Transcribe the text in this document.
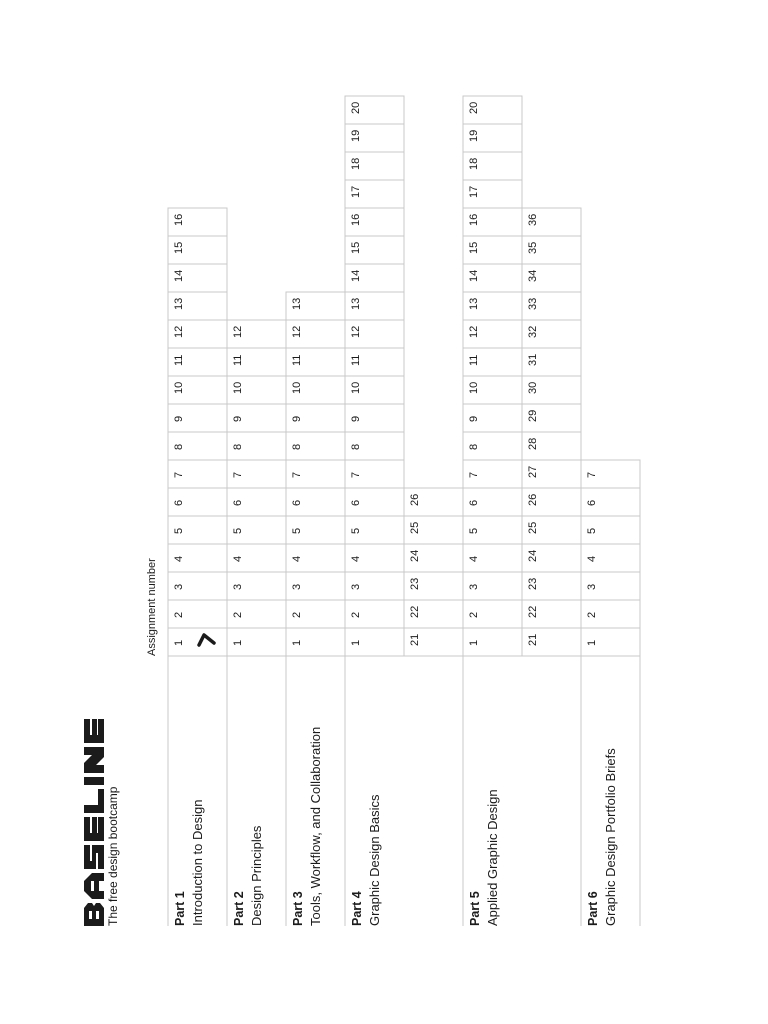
The free design bootcamp
Assignment number
Part 1 Introduction to Design Part 2 Design Principles Part 3 Tools, Workflow, and Collaboration Part 4 Graphic Design Basics	Part 5 Applied Graphic Design	Part 6 Graphic Design Portfolio Briefs
1
2
3
4
5
6
7
8
9
10
11
12
13
14
15
16
1
2
3
4
5
6
7
8
9
10
11
12
1
2
3
4
5
6
7
8
9
10
11
12
13
1
2
3
4
5
6
7
8
9
10
11
12
13
14
15
16
17
18
19
20
21
22
23
24
25
26
1
2
3
4
5
6
7
8
9
10
11
12
13
14
15
16
17
18
19
20
21
22
23
24
25
26
27
28
29
30
31
32
33
34
35
36
1
2
3
4
5
6
7
